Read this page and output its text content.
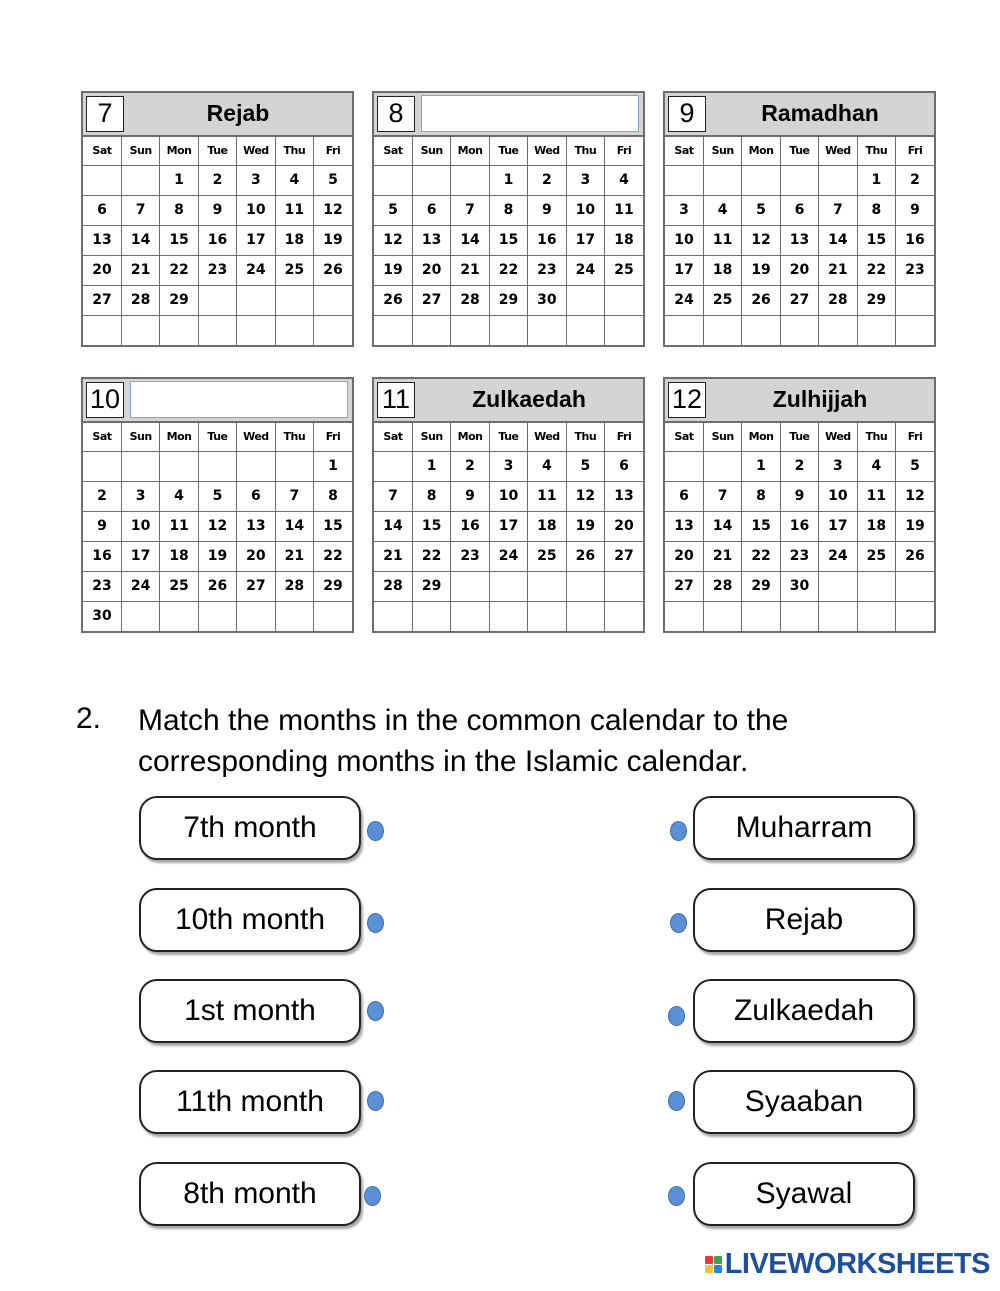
7	Rejab
Sat	Sun	Mon	Tue	Wed	Thu	Fri
		1	2	3	4	5
6	7	8	9	10	11	12
13	14	15	16	17	18	19
20	21	22	23	24	25	26
27	28	29				

8
Sat	Sun	Mon	Tue	Wed	Thu	Fri
			1	2	3	4
5	6	7	8	9	10	11
12	13	14	15	16	17	18
19	20	21	22	23	24	25
26	27	28	29	30		

9	Ramadhan
Sat	Sun	Mon	Tue	Wed	Thu	Fri
					1	2
3	4	5	6	7	8	9
10	11	12	13	14	15	16
17	18	19	20	21	22	23
24	25	26	27	28	29	

10
Sat	Sun	Mon	Tue	Wed	Thu	Fri
						1
2	3	4	5	6	7	8
9	10	11	12	13	14	15
16	17	18	19	20	21	22
23	24	25	26	27	28	29
30						
11	Zulkaedah
Sat	Sun	Mon	Tue	Wed	Thu	Fri
	1	2	3	4	5	6
7	8	9	10	11	12	13
14	15	16	17	18	19	20
21	22	23	24	25	26	27
28	29					

12	Zulhijjah
Sat	Sun	Mon	Tue	Wed	Thu	Fri
		1	2	3	4	5
6	7	8	9	10	11	12
13	14	15	16	17	18	19
20	21	22	23	24	25	26
27	28	29	30			

2. Match the months in the common calendar to the corresponding months in the Islamic calendar.
7th month
10th month
1st month
11th month
8th month
Muharram
Rejab
Zulkaedah
Syaaban
Syawal
LIVEWORKSHEETS
